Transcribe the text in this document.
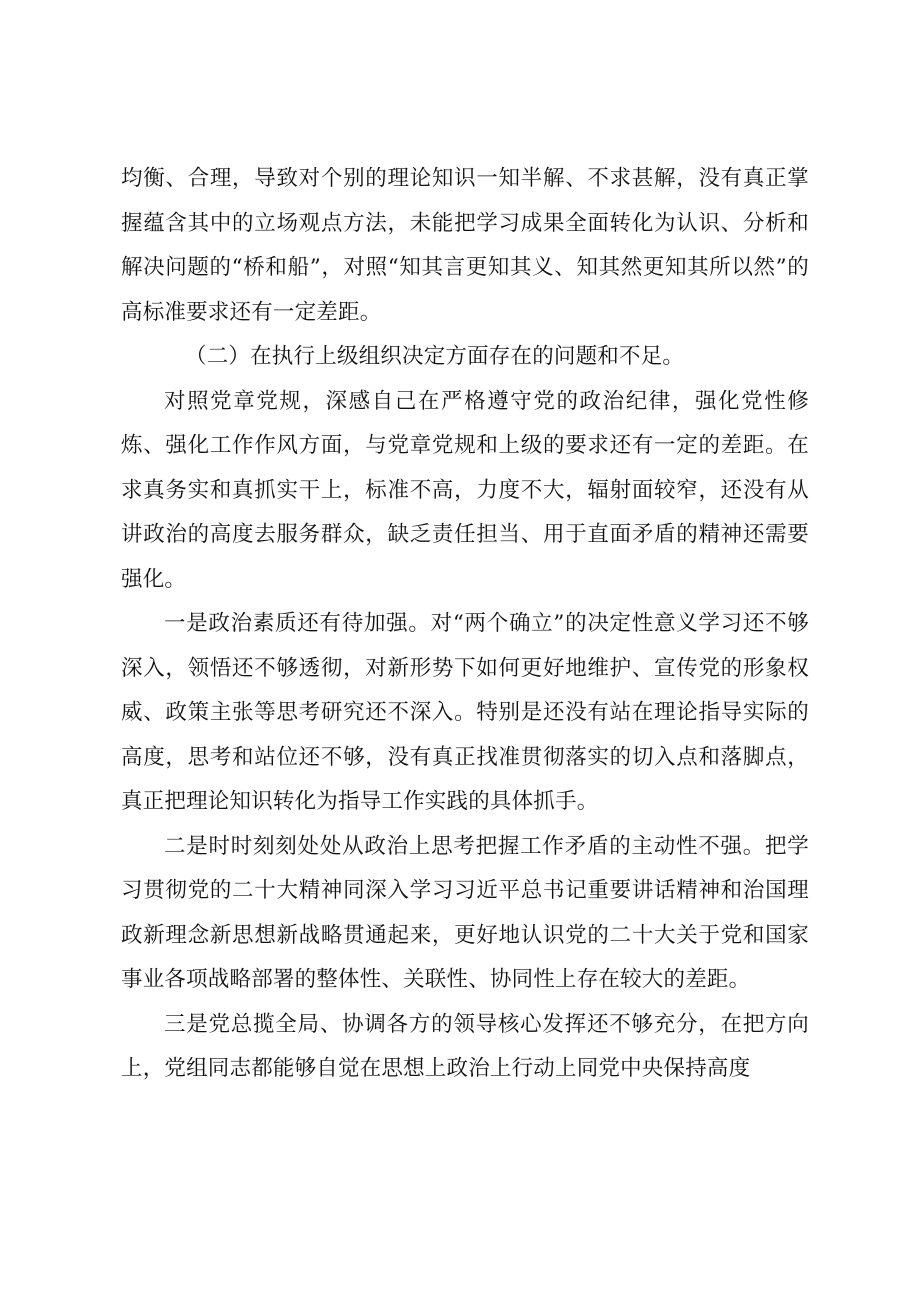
均衡、合理，导致对个别的理论知识一知半解、不求甚解，没有真正掌握蕴含其中的立场观点方法，未能把学习成果全面转化为认识、分析和解决问题的“桥和船”，对照“知其言更知其义、知其然更知其所以然”的高标准要求还有一定差距。

（二）在执行上级组织决定方面存在的问题和不足。

对照党章党规，深感自己在严格遵守党的政治纪律，强化党性修炼、强化工作作风方面，与党章党规和上级的要求还有一定的差距。在求真务实和真抓实干上，标准不高，力度不大，辐射面较窄，还没有从讲政治的高度去服务群众，缺乏责任担当、用于直面矛盾的精神还需要强化。

一是政治素质还有待加强。对“两个确立”的决定性意义学习还不够深入，领悟还不够透彻，对新形势下如何更好地维护、宣传党的形象权威、政策主张等思考研究还不深入。特别是还没有站在理论指导实际的高度，思考和站位还不够，没有真正找准贯彻落实的切入点和落脚点，真正把理论知识转化为指导工作实践的具体抓手。

二是时时刻刻处处从政治上思考把握工作矛盾的主动性不强。把学习贯彻党的二十大精神同深入学习习近平总书记重要讲话精神和治国理政新理念新思想新战略贯通起来，更好地认识党的二十大关于党和国家事业各项战略部署的整体性、关联性、协同性上存在较大的差距。

三是党总揽全局、协调各方的领导核心发挥还不够充分，在把方向上，党组同志都能够自觉在思想上政治上行动上同党中央保持高度
